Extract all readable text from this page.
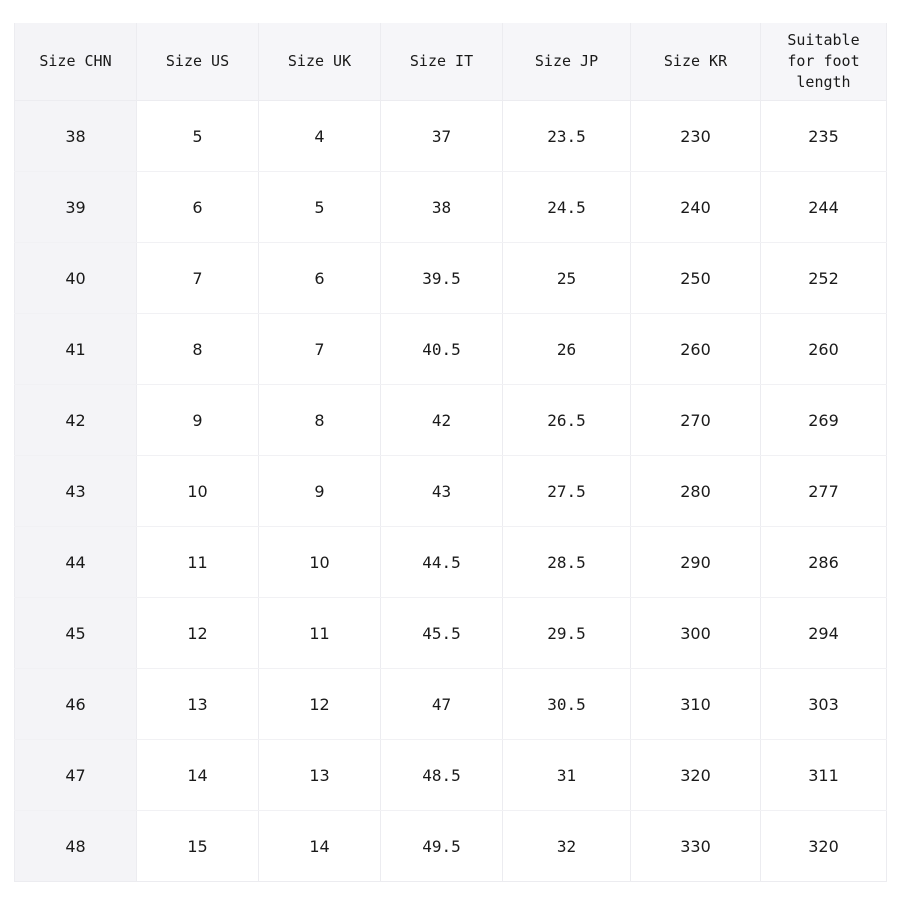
Size CHN	Size US	Size UK	Size IT	Size JP	Size KR	Suitable for foot length
38	5	4	37	23.5	230	235
39	6	5	38	24.5	240	244
40	7	6	39.5	25	250	252
41	8	7	40.5	26	260	260
42	9	8	42	26.5	270	269
43	10	9	43	27.5	280	277
44	11	10	44.5	28.5	290	286
45	12	11	45.5	29.5	300	294
46	13	12	47	30.5	310	303
47	14	13	48.5	31	320	311
48	15	14	49.5	32	330	320
